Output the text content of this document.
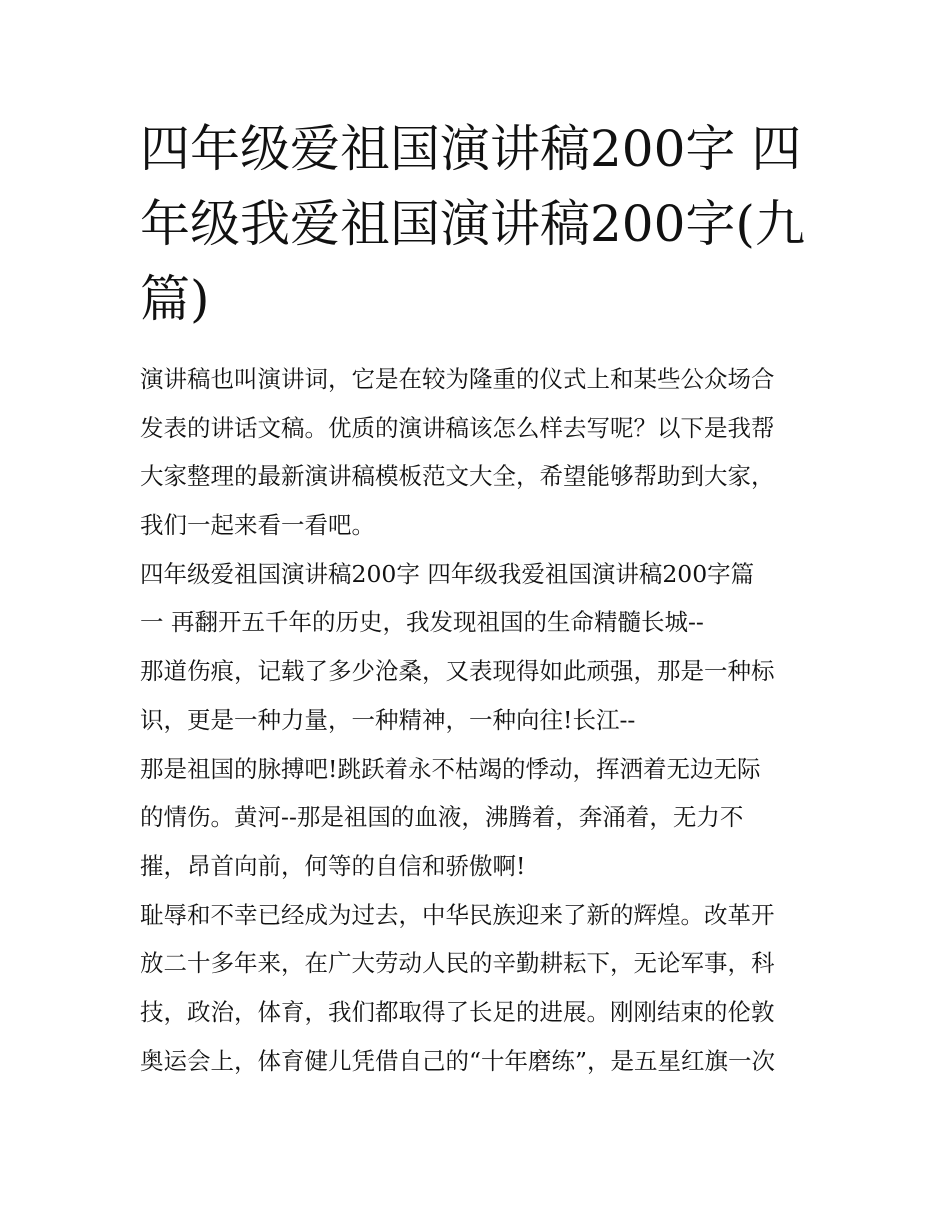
四年级爱祖国演讲稿200字 四
年级我爱祖国演讲稿200字(九
篇)
演讲稿也叫演讲词，它是在较为隆重的仪式上和某些公众场合
发表的讲话文稿。优质的演讲稿该怎么样去写呢？以下是我帮
大家整理的最新演讲稿模板范文大全，希望能够帮助到大家，
我们一起来看一看吧。
四年级爱祖国演讲稿200字 四年级我爱祖国演讲稿200字篇
一 再翻开五千年的历史，我发现祖国的生命精髓长城--
那道伤痕，记载了多少沧桑，又表现得如此顽强，那是一种标
识，更是一种力量，一种精神，一种向往!长江--
那是祖国的脉搏吧!跳跃着永不枯竭的悸动，挥洒着无边无际
的情伤。黄河--那是祖国的血液，沸腾着，奔涌着，无力不
摧，昂首向前，何等的自信和骄傲啊!
耻辱和不幸已经成为过去，中华民族迎来了新的辉煌。改革开
放二十多年来，在广大劳动人民的辛勤耕耘下，无论军事，科
技，政治，体育，我们都取得了长足的进展。刚刚结束的伦敦
奥运会上，体育健儿凭借自己的“十年磨练”，是五星红旗一次
